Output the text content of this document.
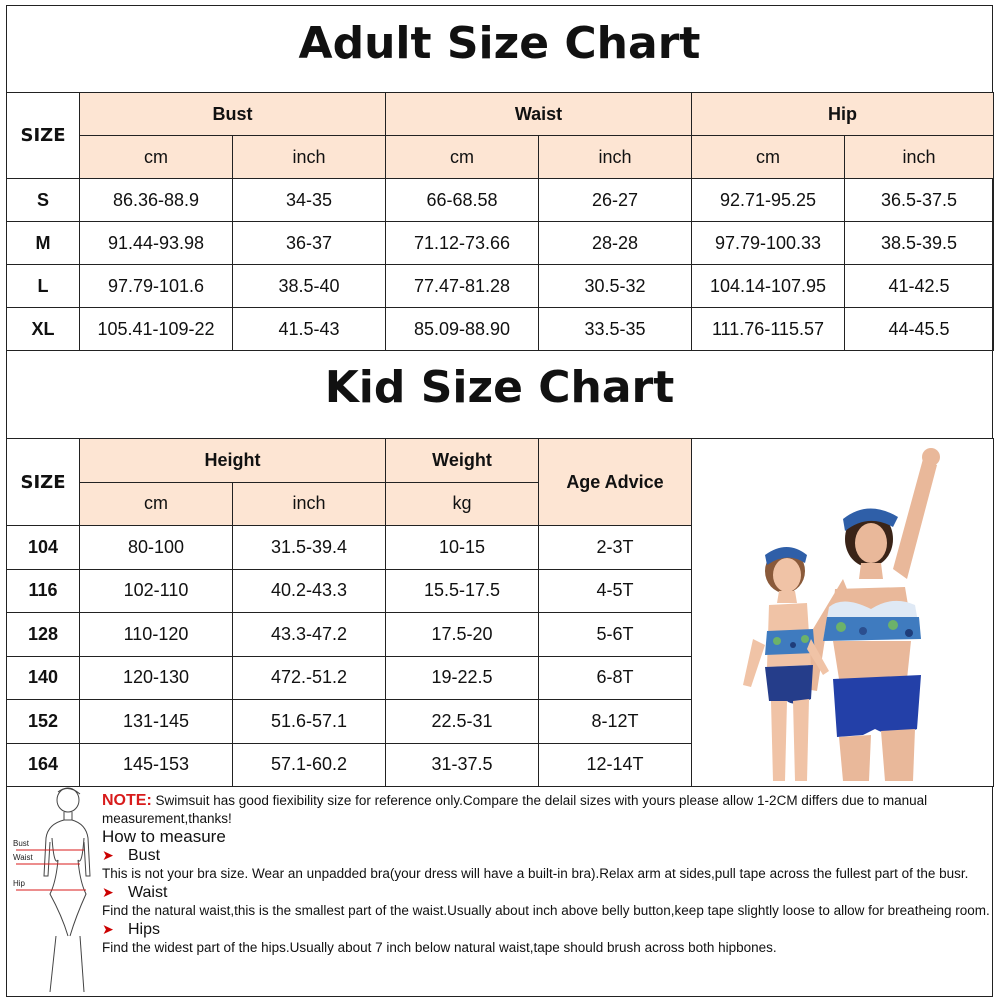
Adult Size Chart
SIZE	Bust		Waist		Hip	
	cm	inch	cm	inch	cm	inch
S	86.36-88.9	34-35	66-68.58	26-27	92.71-95.25	36.5-37.5
M	91.44-93.98	36-37	71.12-73.66	28-28	97.79-100.33	38.5-39.5
L	97.79-101.6	38.5-40	77.47-81.28	30.5-32	104.14-107.95	41-42.5
XL	105.41-109-22	41.5-43	85.09-88.90	33.5-35	111.76-115.57	44-45.5
Kid Size Chart
SIZE	Height		Weight	Age Advice	
	cm	inch	kg		
104	80-100	31.5-39.4	10-15	2-3T	
116	102-110	40.2-43.3	15.5-17.5	4-5T	
128	110-120	43.3-47.2	17.5-20	5-6T	
140	120-130	472.-51.2	19-22.5	6-8T	
152	131-145	51.6-57.1	22.5-31	8-12T	
164	145-153	57.1-60.2	31-37.5	12-14T	
Bust
Waist
Hip

NOTE: Swimsuit has good fiexibility size for reference only.Compare the delail sizes with yours please allow 1-2CM differs due to manual measurement,thanks!

How to measure
➤ Bust

This is not your bra size. Wear an unpadded bra(your dress will have a built-in bra).Relax arm at sides,pull tape across the fullest part of the busr.

➤ Waist

Find the natural waist,this is the smallest part of the waist.Usually about inch above belly button,keep tape slightly loose to allow for breatheing room.

➤ Hips

Find the widest part of the hips.Usually about 7 inch below natural waist,tape should brush across both hipbones.
